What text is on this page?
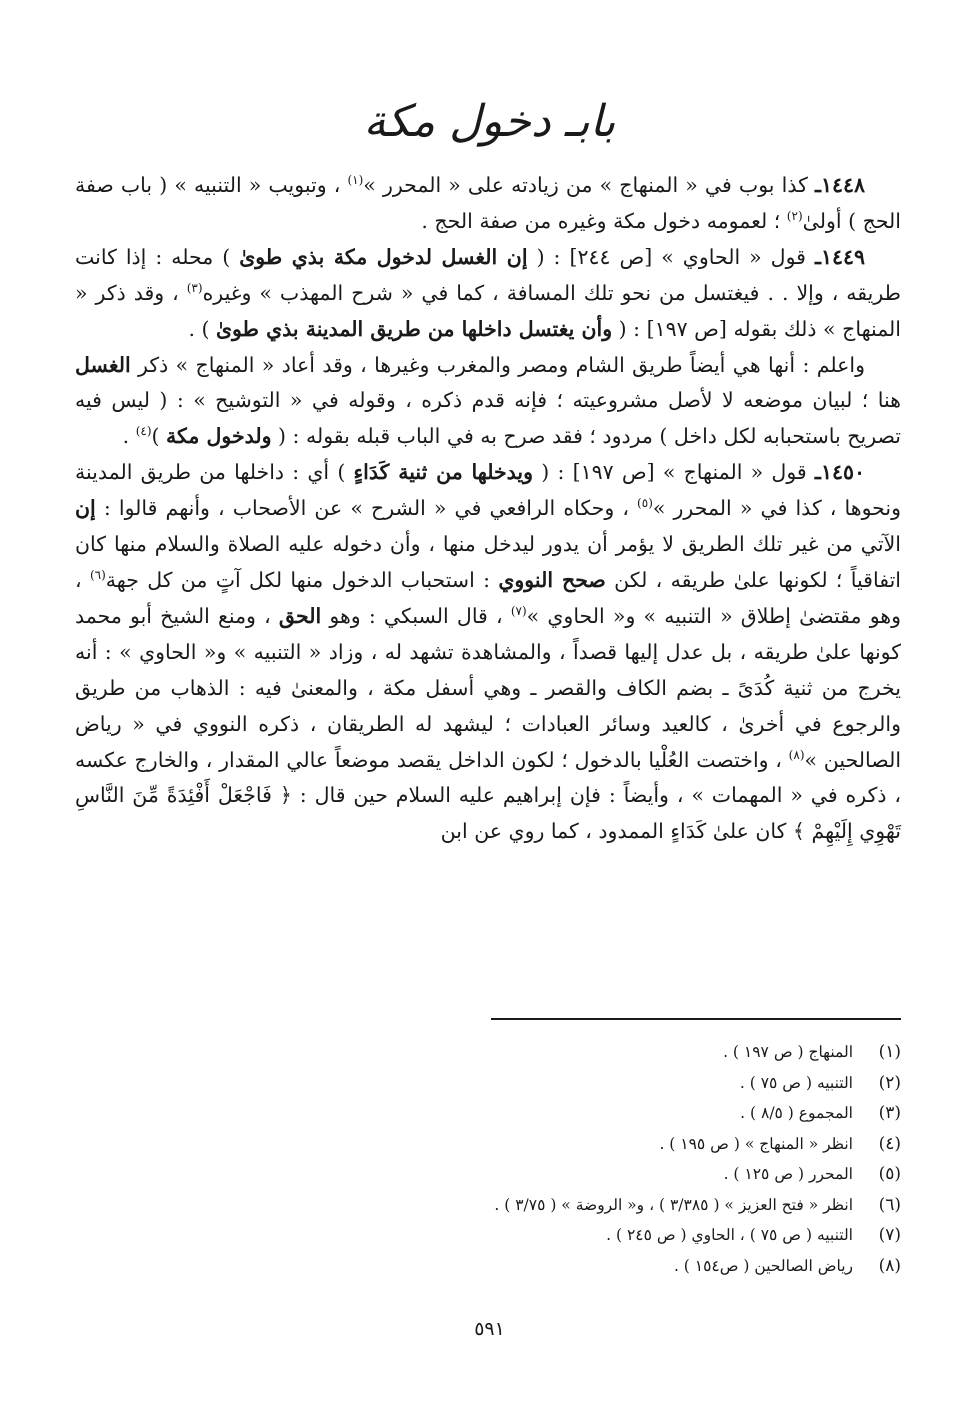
بابـ دخول مكة

١٤٤٨ـ كذا بوب في « المنهاج » من زيادته على « المحرر »$^{(١)}$ ، وتبويب « التنبيه » ( باب صفة الحج ) أولىٰ$^{(٢)}$ ؛ لعمومه دخول مكة وغيره من صفة الحج .

١٤٤٩ـ قول « الحاوي » [ص ٢٤٤] : ( إن الغسل لدخول مكة بذي طوىٰ ) محله : إذا كانت طريقه ، وإلا . . فيغتسل من نحو تلك المسافة ، كما في « شرح المهذب » وغيره$^{(٣)}$ ، وقد ذكر « المنهاج » ذلك بقوله [ص ١٩٧] : ( وأن يغتسل داخلها من طريق المدينة بذي طوىٰ ) .

واعلم : أنها هي أيضاً طريق الشام ومصر والمغرب وغيرها ، وقد أعاد « المنهاج » ذكر الغسل هنا ؛ لبيان موضعه لا لأصل مشروعيته ؛ فإنه قدم ذكره ، وقوله في « التوشيح » : ( ليس فيه تصريح باستحبابه لكل داخل ) مردود ؛ فقد صرح به في الباب قبله بقوله : ( ولدخول مكة )$^{(٤)}$ .

١٤٥٠ـ قول « المنهاج » [ص ١٩٧] : ( ويدخلها من ثنية كَدَاءٍ ) أي : داخلها من طريق المدينة ونحوها ، كذا في « المحرر »$^{(٥)}$ ، وحكاه الرافعي في « الشرح » عن الأصحاب ، وأنهم قالوا : إن الآتي من غير تلك الطريق لا يؤمر أن يدور ليدخل منها ، وأن دخوله عليه الصلاة والسلام منها كان اتفاقياً ؛ لكونها علىٰ طريقه ، لكن صحح النووي : استحباب الدخول منها لكل آتٍ من كل جهة$^{(٦)}$ ، وهو مقتضىٰ إطلاق « التنبيه » و« الحاوي »$^{(٧)}$ ، قال السبكي : وهو الحق ، ومنع الشيخ أبو محمد كونها علىٰ طريقه ، بل عدل إليها قصداً ، والمشاهدة تشهد له ، وزاد « التنبيه » و« الحاوي » : أنه يخرج من ثنية كُدَىً ـ بضم الكاف والقصر ـ وهي أسفل مكة ، والمعنىٰ فيه : الذهاب من طريق والرجوع في أخرىٰ ، كالعيد وسائر العبادات ؛ ليشهد له الطريقان ، ذكره النووي في « رياض الصالحين »$^{(٨)}$ ، واختصت العُلْيا بالدخول ؛ لكون الداخل يقصد موضعاً عالي المقدار ، والخارج عكسه ، ذكره في « المهمات » ، وأيضاً : فإن إبراهيم عليه السلام حين قال : ﴿ فَاجْعَلْ أَفْئِدَةً مِّنَ النَّاسِ تَهْوِي إِلَيْهِمْ ﴾ كان علىٰ كَدَاءٍ الممدود ، كما روي عن ابن

(١)
المنهاج ( ص ١٩٧ ) .
(٢)
التنبيه ( ص ٧٥ ) .
(٣)
المجموع ( ٨/٥ ) .
(٤)
انظر « المنهاج » ( ص ١٩٥ ) .
(٥)
المحرر ( ص ١٢٥ ) .
(٦)
انظر « فتح العزيز » ( ٣/٣٨٥ ) ، و« الروضة » ( ٣/٧٥ ) .
(٧)
التنبيه ( ص ٧٥ ) ، الحاوي ( ص ٢٤٥ ) .
(٨)
رياض الصالحين ( ص١٥٤ ) .
٥٩١
